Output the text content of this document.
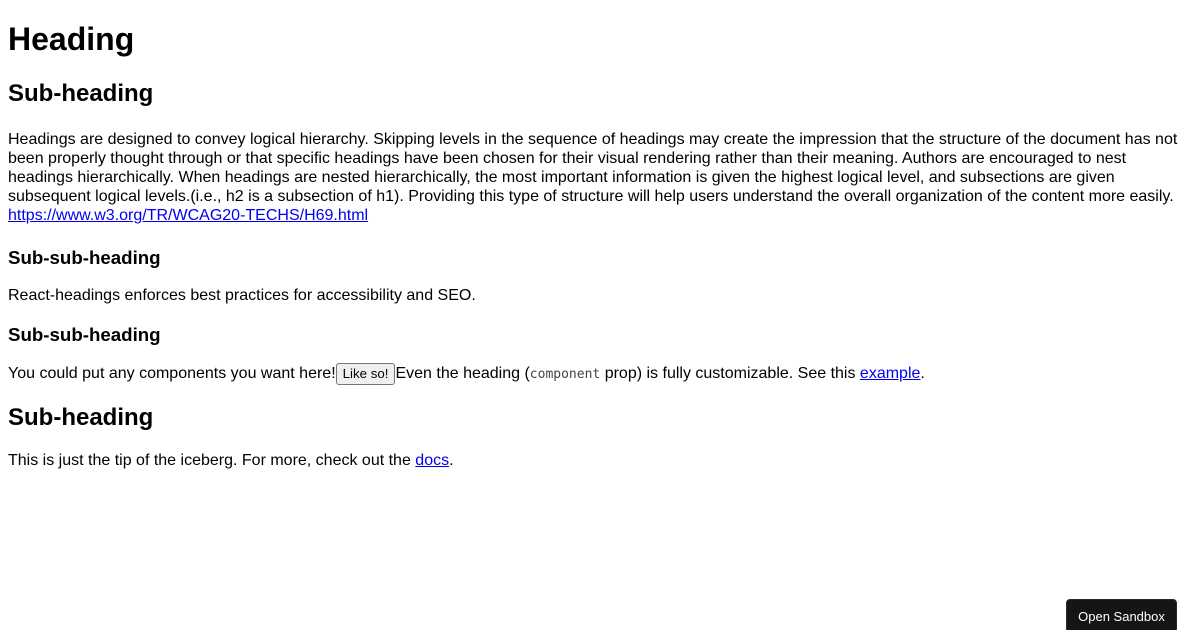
Heading
Sub-heading

Headings are designed to convey logical hierarchy. Skipping levels in the sequence of headings may create the impression that the structure of the document has not been properly thought through or that specific headings have been chosen for their visual rendering rather than their meaning. Authors are encouraged to nest headings hierarchically. When headings are nested hierarchically, the most important information is given the highest logical level, and subsections are given subsequent logical levels.(i.e., h2 is a subsection of h1). Providing this type of structure will help users understand the overall organization of the content more easily.
https://www.w3.org/TR/WCAG20-TECHS/H69.html

Sub-sub-heading

React-headings enforces best practices for accessibility and SEO.

Sub-sub-heading

You could put any components you want here! Like so! Even the heading (component prop) is fully customizable. See this example.

Sub-heading

This is just the tip of the iceberg. For more, check out the docs.

Open Sandbox
